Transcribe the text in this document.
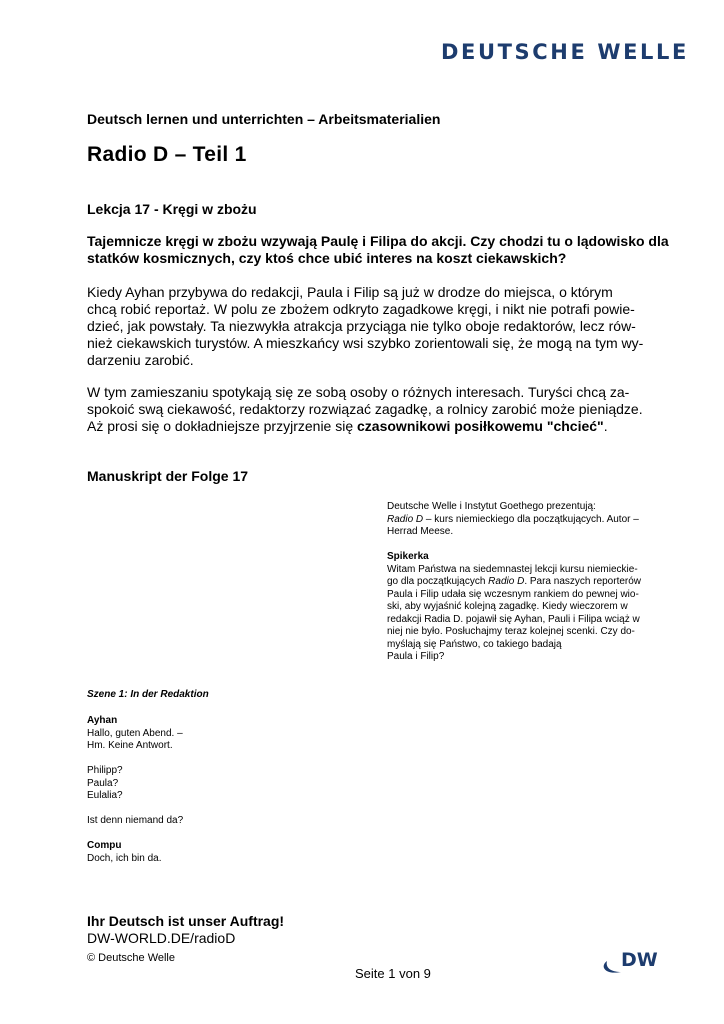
DEUTSCHE WELLE
Deutsch lernen und unterrichten – Arbeitsmaterialien
Radio D – Teil 1
Lekcja 17 - Kręgi w zbożu
Tajemnicze kręgi w zbożu wzywają Paulę i Filipa do akcji. Czy chodzi tu o lądowisko dla statków kosmicznych, czy ktoś chce ubić interes na koszt ciekawskich?
Kiedy Ayhan przybywa do redakcji, Paula i Filip są już w drodze do miejsca, o którym
chcą robić reportaż. W polu ze zbożem odkryto zagadkowe kręgi, i nikt nie potrafi powie-
dzieć, jak powstały. Ta niezwykła atrakcja przyciąga nie tylko oboje redaktorów, lecz rów-
nież ciekawskich turystów. A mieszkańcy wsi szybko zorientowali się, że mogą na tym wy-
darzeniu zarobić.
W tym zamieszaniu spotykają się ze sobą osoby o różnych interesach. Turyści chcą za-
spokoić swą ciekawość, redaktorzy rozwiązać zagadkę, a rolnicy zarobić może pieniądze.
Aż prosi się o dokładniejsze przyjrzenie się czasownikowi posiłkowemu "chcieć".
Manuskript der Folge 17
Deutsche Welle i Instytut Goethego prezentują:
Radio D – kurs niemieckiego dla początkujących. Autor –
Herrad Meese.
Spikerka
Witam Państwa na siedemnastej lekcji kursu niemieckie-
go dla początkujących Radio D. Para naszych reporterów
Paula i Filip udała się wczesnym rankiem do pewnej wio-
ski, aby wyjaśnić kolejną zagadkę. Kiedy wieczorem w
redakcji Radia D. pojawił się Ayhan, Pauli i Filipa wciąż w
niej nie było. Posłuchajmy teraz kolejnej scenki. Czy do-
myślają się Państwo, co takiego badają
Paula i Filip?
Szene 1: In der Redaktion
Ayhan
Hallo, guten Abend. –
Hm. Keine Antwort.
Philipp?
Paula?
Eulalia?
Ist denn niemand da?
Compu
Doch, ich bin da.
Ihr Deutsch ist unser Auftrag!
DW-WORLD.DE/radioD
© Deutsche Welle
Seite 1 von 9
DW
